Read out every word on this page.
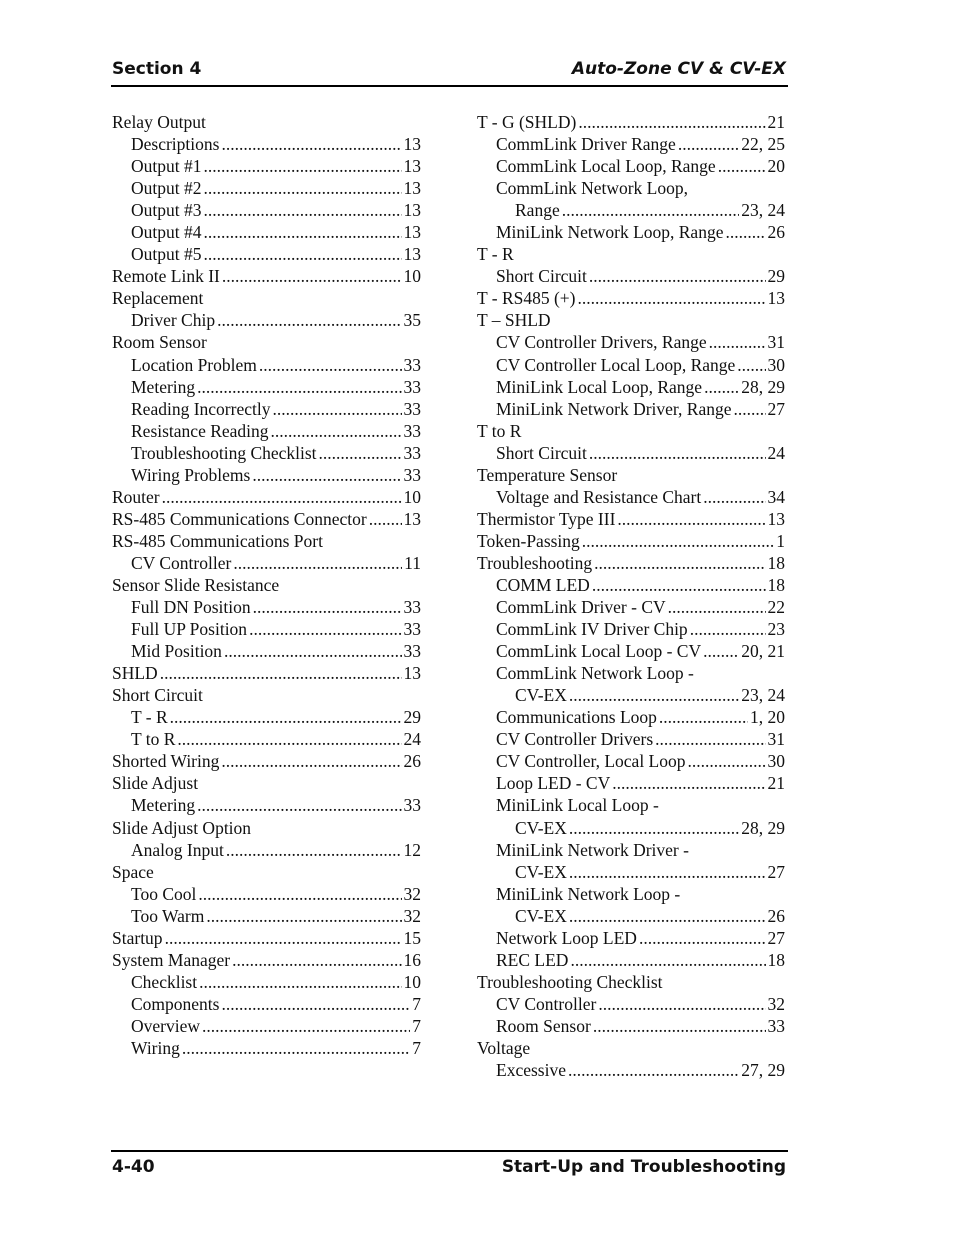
Section 4	Auto-Zone CV & CV-EX
Relay Output
Descriptions .....	13
Output #1 .....	13
Output #2 .....	13
Output #3 .....	13
Output #4 .....	13
Output #5 .....	13
Remote Link II .....	10
Replacement
Driver Chip .....	35
Room Sensor
Location Problem .....	33
Metering .....	33
Reading Incorrectly .....	33
Resistance Reading .....	33
Troubleshooting Checklist .....	33
Wiring Problems .....	33
Router .....	10
RS-485 Communications Connector ..... 13
RS-485 Communications Port
CV Controller .....	11
Sensor Slide Resistance
Full DN Position .....	33
Full UP Position .....	33
Mid Position .....	33
SHLD .....	13
Short Circuit
T - R .....	29
T to R .....	24
Shorted Wiring .....	26
Slide Adjust
Metering .....	33
Slide Adjust Option
Analog Input .....	12
Space
Too Cool .....	32
Too Warm .....	32
Startup .....	15
System Manager .....	16
Checklist .....	10
Components .....	7
Overview .....	7
Wiring .....	7
T - G (SHLD) .....	21
CommLink Driver Range .....	22, 25
CommLink Local Loop, Range .....	20
CommLink Network Loop,
Range .....	23, 24
MiniLink Network Loop, Range .....	26
T - R
Short Circuit .....	29
T - RS485 (+) .....	13
T – SHLD
CV Controller Drivers, Range .....	31
CV Controller Local Loop, Range ..... 30
MiniLink Local Loop, Range ..... 28, 29
MiniLink Network Driver, Range ..... 27
T to R
Short Circuit .....	24
Temperature Sensor
Voltage and Resistance Chart .....	34
Thermistor Type III .....	13
Token-Passing .....	1
Troubleshooting .....	18
COMM LED .....	18
CommLink Driver - CV .....	22
CommLink IV Driver Chip .....	23
CommLink Local Loop - CV ..... 20, 21
CommLink Network Loop -
CV-EX .....	23, 24
Communications Loop .....	1, 20
CV Controller Drivers .....	31
CV Controller, Local Loop .....	30
Loop LED - CV .....	21
MiniLink Local Loop -
CV-EX .....	28, 29
MiniLink Network Driver -
CV-EX .....	27
MiniLink Network Loop -
CV-EX .....	26
Network Loop LED .....	27
REC LED .....	18
Troubleshooting Checklist
CV Controller .....	32
Room Sensor .....	33
Voltage
Excessive .....	27, 29
4-40	Start-Up and Troubleshooting
